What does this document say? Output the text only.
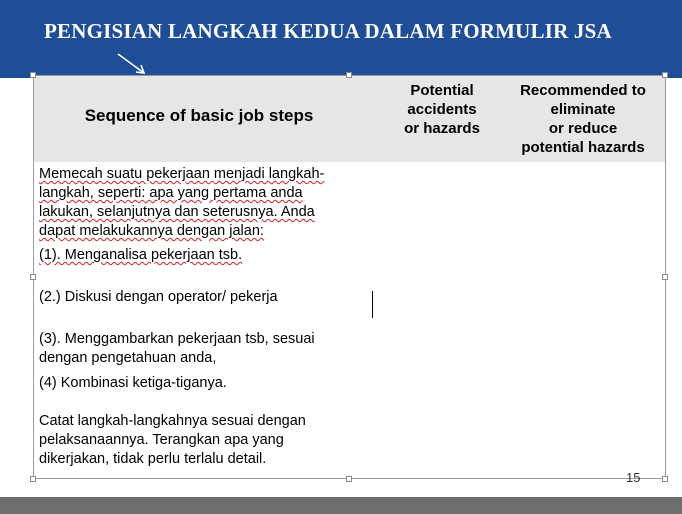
PENGISIAN LANGKAH KEDUA DALAM FORMULIR JSA
Sequence of basic job steps
Potential
accidents
or hazards
Recommended to
eliminate
or reduce
potential hazards

Memecah suatu pekerjaan menjadi langkah-
langkah, seperti: apa yang pertama anda
lakukan, selanjutnya dan seterusnya. Anda
dapat melakukannya dengan jalan:

(1). Menganalisa pekerjaan tsb.

(2.) Diskusi dengan operator/ pekerja

(3). Menggambarkan pekerjaan tsb, sesuai
dengan pengetahuan anda,

(4) Kombinasi ketiga-tiganya.

Catat langkah-langkahnya sesuai dengan
pelaksanaannya. Terangkan apa yang
dikerjakan, tidak perlu terlalu detail.

15
